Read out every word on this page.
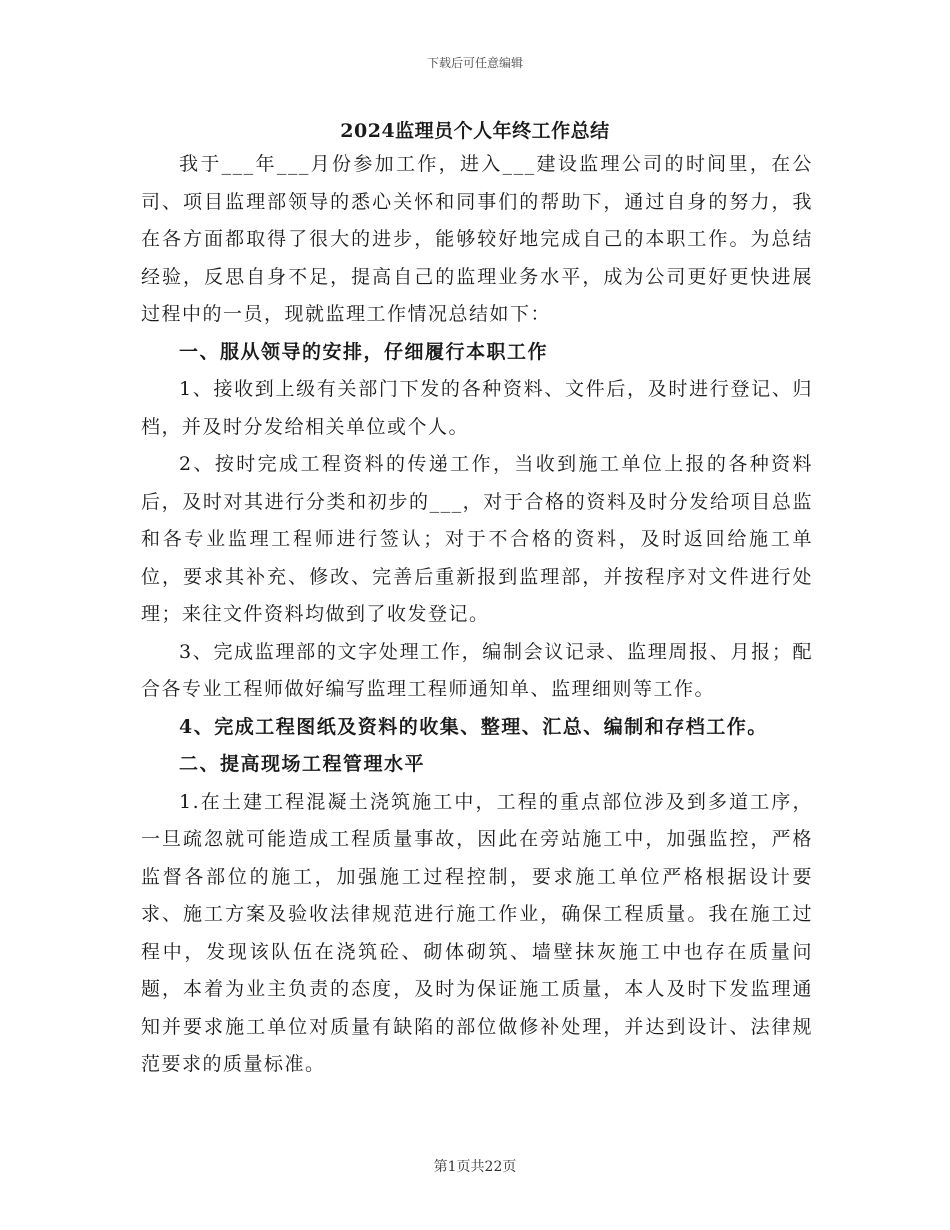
下载后可任意编辑
2024监理员个人年终工作总结

我于___年___月份参加工作，进入___建设监理公司的时间里，在公司、项目监理部领导的悉心关怀和同事们的帮助下，通过自身的努力，我在各方面都取得了很大的进步，能够较好地完成自己的本职工作。为总结经验，反思自身不足，提高自己的监理业务水平，成为公司更好更快进展过程中的一员，现就监理工作情况总结如下：

一、服从领导的安排，仔细履行本职工作

1、接收到上级有关部门下发的各种资料、文件后，及时进行登记、归档，并及时分发给相关单位或个人。

2、按时完成工程资料的传递工作，当收到施工单位上报的各种资料后，及时对其进行分类和初步的___，对于合格的资料及时分发给项目总监和各专业监理工程师进行签认；对于不合格的资料，及时返回给施工单位，要求其补充、修改、完善后重新报到监理部，并按程序对文件进行处理；来往文件资料均做到了收发登记。

3、完成监理部的文字处理工作，编制会议记录、监理周报、月报；配合各专业工程师做好编写监理工程师通知单、监理细则等工作。

4、完成工程图纸及资料的收集、整理、汇总、编制和存档工作。

二、提高现场工程管理水平

1.在土建工程混凝土浇筑施工中，工程的重点部位涉及到多道工序，一旦疏忽就可能造成工程质量事故，因此在旁站施工中，加强监控，严格监督各部位的施工，加强施工过程控制，要求施工单位严格根据设计要求、施工方案及验收法律规范进行施工作业，确保工程质量。我在施工过程中，发现该队伍在浇筑砼、砌体砌筑、墙壁抹灰施工中也存在质量问题，本着为业主负责的态度，及时为保证施工质量，本人及时下发监理通知并要求施工单位对质量有缺陷的部位做修补处理，并达到设计、法律规范要求的质量标准。

第1页共22页
